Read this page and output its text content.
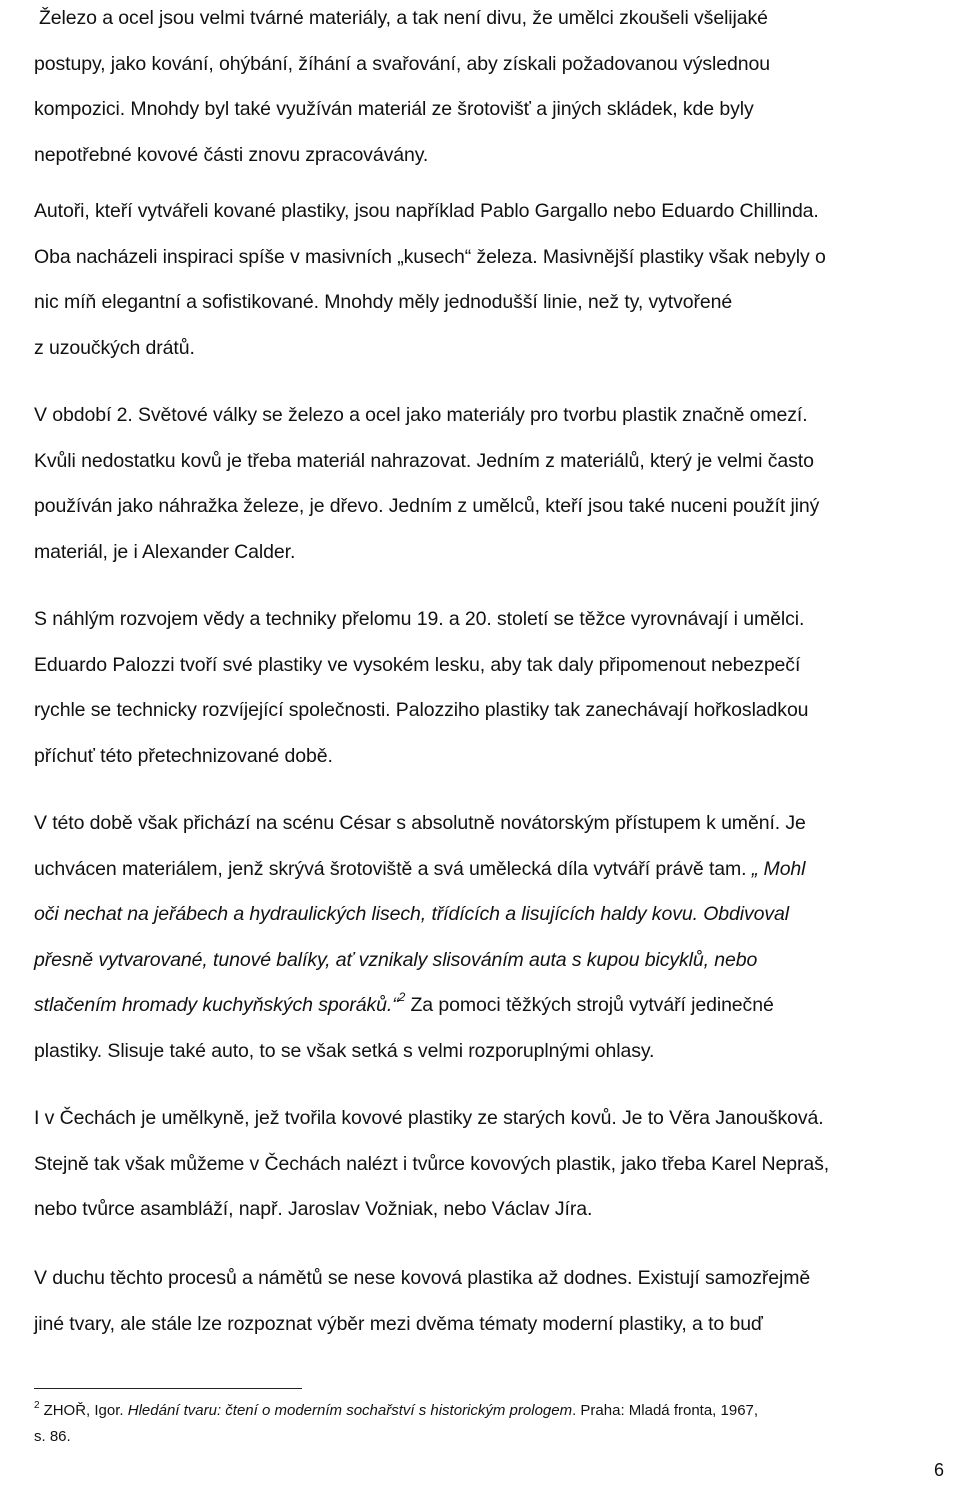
Železo a ocel jsou velmi tvárné materiály, a tak není divu, že umělci zkoušeli všelijaké
postupy, jako kování, ohýbání, žíhání a svařování, aby získali požadovanou výslednou
kompozici. Mnohdy byl také využíván materiál ze šrotovišť a jiných skládek, kde byly
nepotřebné kovové části znovu zpracovávány.

Autoři, kteří vytvářeli kované plastiky, jsou například Pablo Gargallo nebo Eduardo Chillinda.
Oba nacházeli inspiraci spíše v masivních „kusech“ železa. Masivnější plastiky však nebyly o
nic míň elegantní a sofistikované. Mnohdy měly jednodušší linie, než ty, vytvořené
z uzoučkých drátů.

V období 2. Světové války se železo a ocel jako materiály pro tvorbu plastik značně omezí.
Kvůli nedostatku kovů je třeba materiál nahrazovat. Jedním z materiálů, který je velmi často
používán jako náhražka železe, je dřevo. Jedním z umělců, kteří jsou také nuceni použít jiný
materiál, je i Alexander Calder.

S náhlým rozvojem vědy a techniky přelomu 19. a 20. století se těžce vyrovnávají i umělci.
Eduardo Palozzi tvoří své plastiky ve vysokém lesku, aby tak daly připomenout nebezpečí
rychle se technicky rozvíjející společnosti. Palozziho plastiky tak zanechávají hořkosladkou
příchuť této přetechnizované době.

V této době však přichází na scénu César s absolutně novátorským přístupem k umění. Je
uchvácen materiálem, jenž skrývá šrotoviště a svá umělecká díla vytváří právě tam. „ Mohl
oči nechat na jeřábech a hydraulických lisech, třídících a lisujících haldy kovu. Obdivoval
přesně vytvarované, tunové balíky, ať vznikaly slisováním auta s kupou bicyklů, nebo
stlačením hromady kuchyňských sporáků.“$^2$ Za pomoci těžkých strojů vytváří jedinečné
plastiky. Slisuje také auto, to se však setká s velmi rozporuplnými ohlasy.

I v Čechách je umělkyně, jež tvořila kovové plastiky ze starých kovů. Je to Věra Janoušková.
Stejně tak však můžeme v Čechách nalézt i tvůrce kovových plastik, jako třeba Karel Nepraš,
nebo tvůrce asambláží, např. Jaroslav Vožniak, nebo Václav Jíra.

V duchu těchto procesů a námětů se nese kovová plastika až dodnes. Existují samozřejmě
jiné tvary, ale stále lze rozpoznat výběr mezi dvěma tématy moderní plastiky, a to buď

$^2$ ZHOŘ, Igor. Hledání tvaru: čtení o moderním sochařství s historickým prologem. Praha: Mladá fronta, 1967,
s. 86.
6
